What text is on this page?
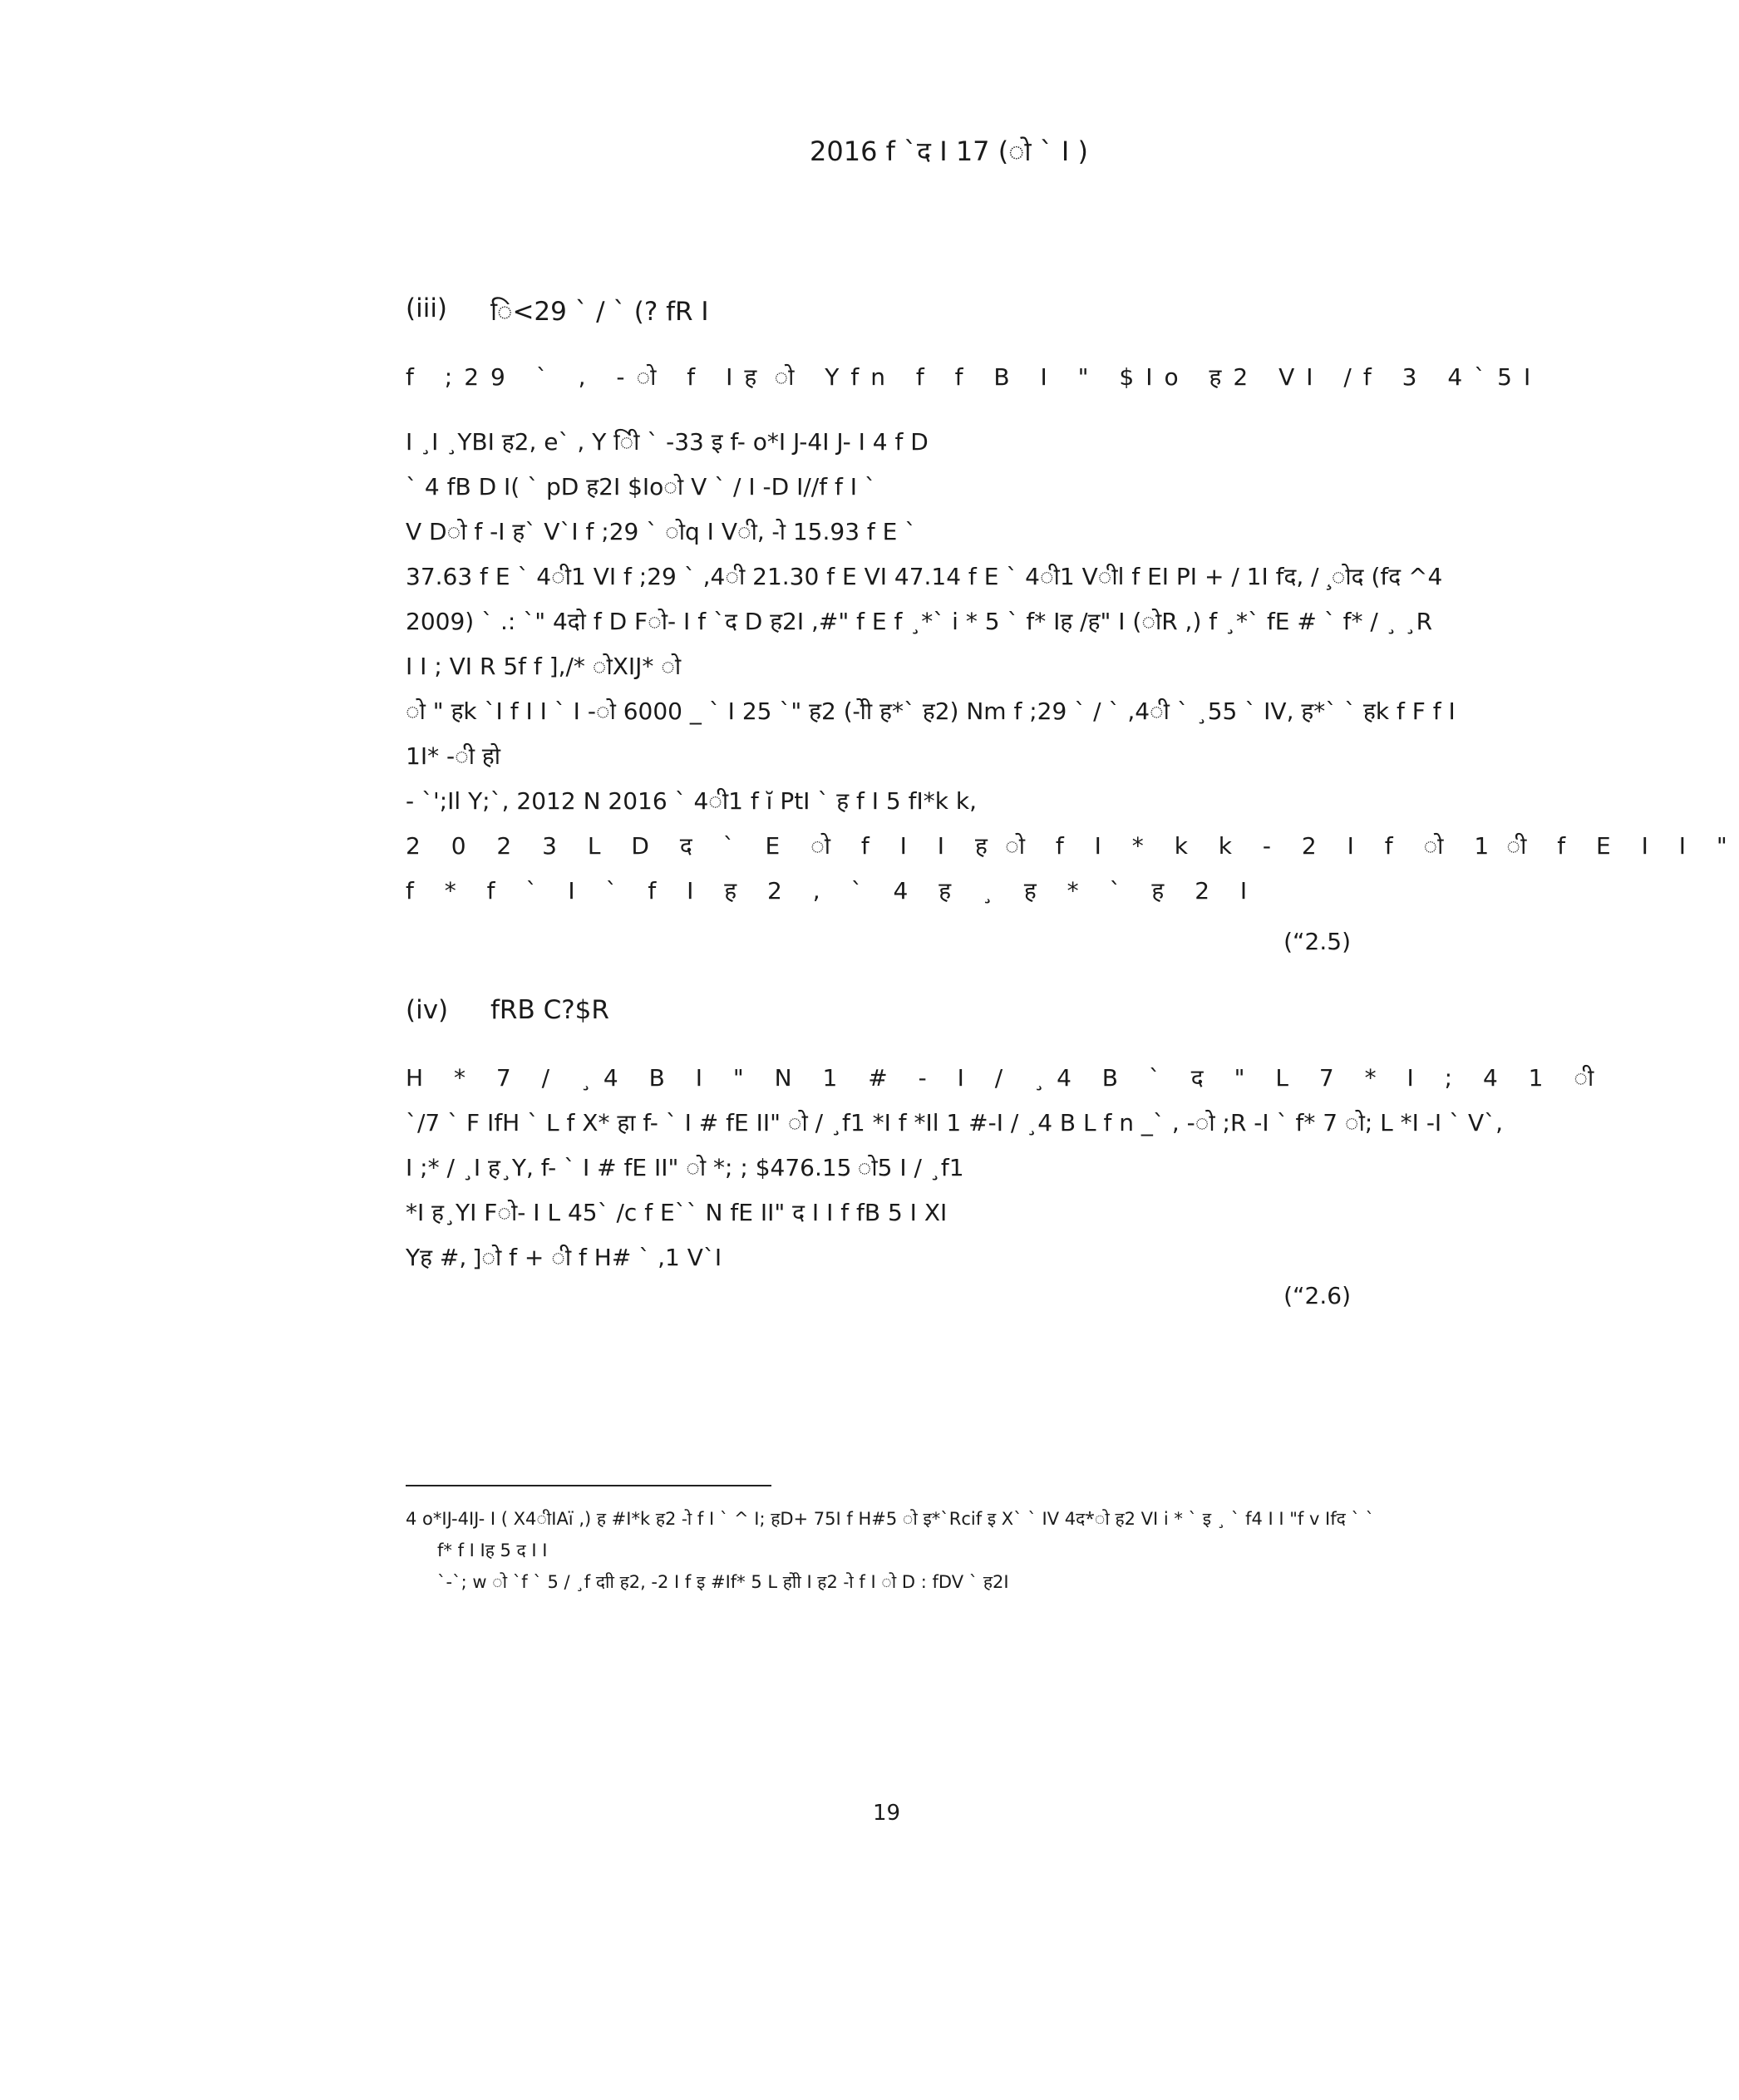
2016 f `द I 17 (ो ` I )
(iii) ि<29 ` / ` (? fR I
f ;29 ` , -ो f Iह ो Yfn f f B I " $Io ह2 VI /f 3 4`5I
I ¸I ¸YBI ह2, e` , Y ीि ` -33 इ f- o*I J-4I J- I 4 f D
` 4 fB D I( ` pD ह2I $Ioो V ` / I -D I//f f I `
V Dो f -I ह` V`I f ;29 ` ोq I Vी, -ो 15.93 f E `
37.63 f E ` 4ी1 VI f ;29 ` ,4ी 21.30 f E VI 47.14 f E ` 4ी1 Vीl f EI PI + / 1I fद, / ¸ोद (fद ^4
2009) ` .: `" 4दो f D Fो- I f `द D ह2I ,#" f E f ¸*` i * 5 ` f* Iह /ह" I (ोR ,) f ¸*` fE # ` f* / ¸ ¸R
I I ; VI R 5f f ],/* ोXIJ* ो
ो " हk `I f I I ` I -ो 6000 _ ` I 25 `" ह2 (-ोी ह*` ह2) Nm f ;29 ` / ` ,4ी ` ¸55 ` IV, ह*` ` हk f F f I
1I* -ी हो
- `';Il Y;`, 2012 N 2016 ` 4ी1 f ĭ PtI ` ह f I 5 fI*k k,
2 0 2 3 L D द ` E ो f I I ह ो f I * k k - 2 I f ो 1 ी f E I I "
f * f ` I ` f I ह 2 , ` 4 ह ¸ ह * ` ह 2 I
(“2.5)
(iv) fRB C?$R
H * 7 / ¸4 B I " N 1 # - I / ¸4 B ` द " L 7 * I ; 4 1 ी
`/7 ` F IfH ` L f X* हा f- ` I # fE II" ो / ¸f1 *I f *Il 1 #-I / ¸4 B L f n _` , -ो ;R -I ` f* 7 ो; L *I -I ` V`,
I ;* / ¸I ह¸Y, f- ` I # fE II" ो *; ; $476.15 ो5 I / ¸f1
*I ह¸YI Fो- I L 45` /c f E`` N fE II" द I I f fB 5 I XI
Yह #, ]ो f + ी f H# ` ,1 V`I
(“2.6)
4 o*IJ-4IJ- I ( X4ीIAï ,) ह #I*k ह2 -ो f I ` ^ I; हD+ 75I f H#5 ो इ*`Rcif इ X` ` IV 4द*ो ह2 VI i * ` इ ¸ ` f4 I I "f v Ifद ` `
f* f I Iह 5 द I I
`-`; w ो `f ` 5 / ¸f दाी ह2, -2 I f इ #If* 5 L होी I ह2 -ो f I ो D : fDV ` ह2I
19
